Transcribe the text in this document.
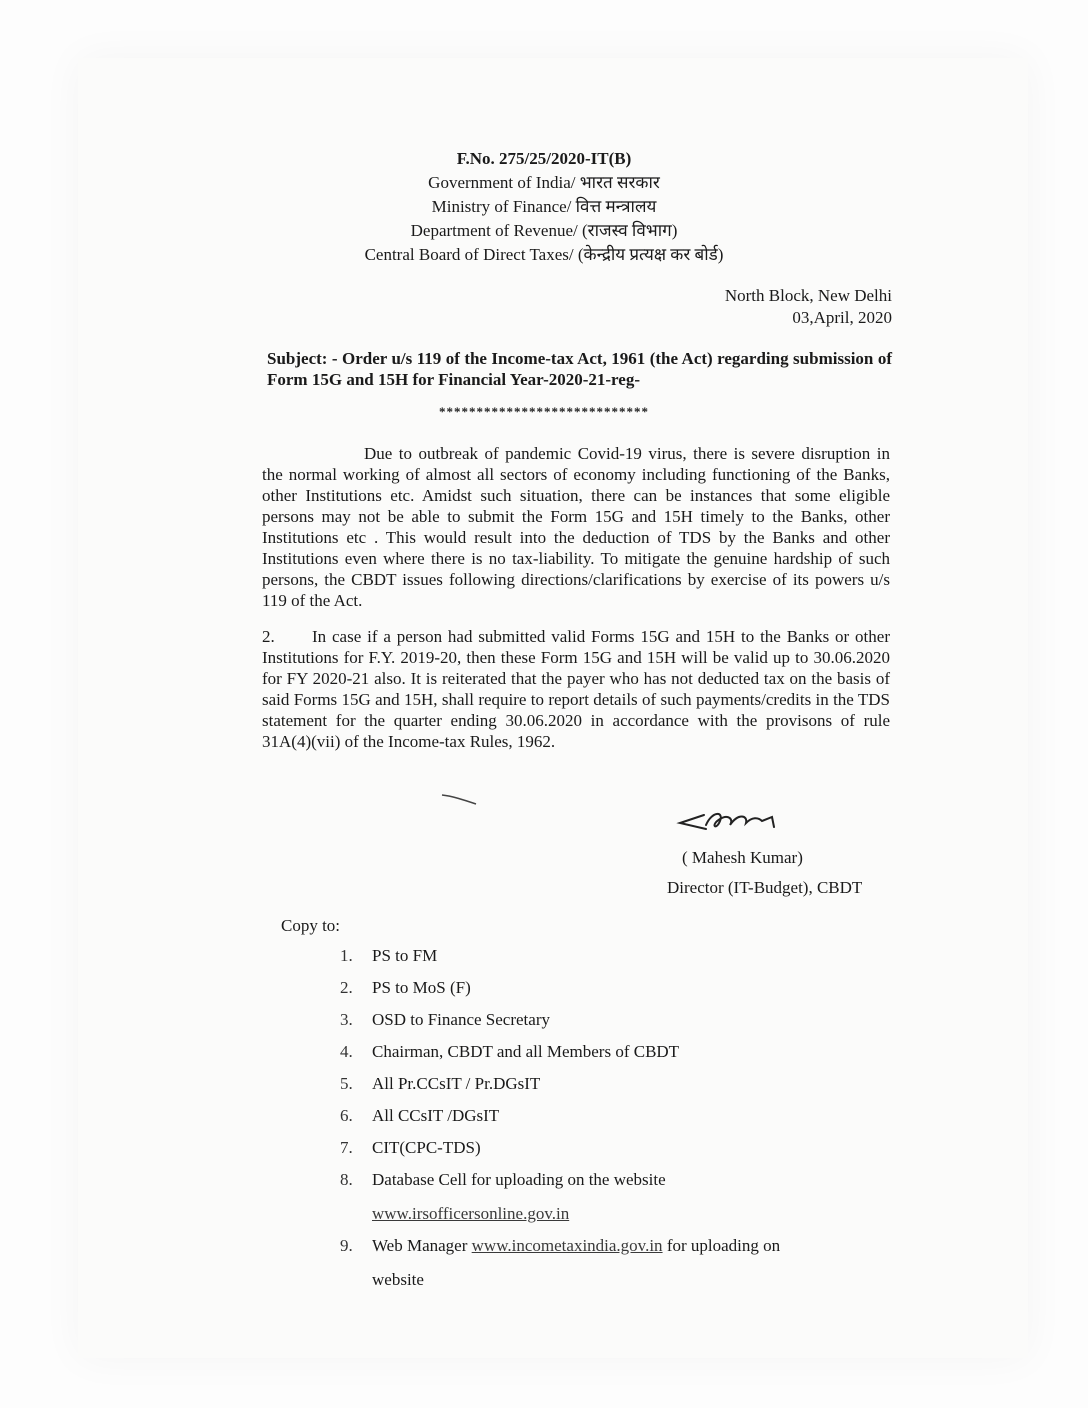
F.No. 275/25/2020-IT(B)
Government of India/ भारत सरकार
Ministry of Finance/ वित्त मन्त्रालय
Department of Revenue/ (राजस्व विभाग)
Central Board of Direct Taxes/ (केन्द्रीय प्रत्यक्ष कर बोर्ड)
North Block, New Delhi
03,April, 2020
Subject: - Order u/s 119 of the Income-tax Act, 1961 (the Act) regarding submission of Form 15G and 15H for Financial Year-2020-21-reg-
****************************
Due to outbreak of pandemic Covid-19 virus, there is severe disruption in the normal working of almost all sectors of economy including functioning of the Banks, other Institutions etc. Amidst such situation, there can be instances that some eligible persons may not be able to submit the Form 15G and 15H timely to the Banks, other Institutions etc . This would result into the deduction of TDS by the Banks and other Institutions even where there is no tax-liability. To mitigate the genuine hardship of such persons, the CBDT issues following directions/clarifications by exercise of its powers u/s 119 of the Act.
2. In case if a person had submitted valid Forms 15G and 15H to the Banks or other Institutions for F.Y. 2019-20, then these Form 15G and 15H will be valid up to 30.06.2020 for FY 2020-21 also. It is reiterated that the payer who has not deducted tax on the basis of said Forms 15G and 15H, shall require to report details of such payments/credits in the TDS statement for the quarter ending 30.06.2020 in accordance with the provisons of rule 31A(4)(vii) of the Income-tax Rules, 1962.
( Mahesh Kumar)
Director (IT-Budget), CBDT
Copy to:
1. PS to FM
2. PS to MoS (F)
3. OSD to Finance Secretary
4. Chairman, CBDT and all Members of CBDT
5. All Pr.CCsIT / Pr.DGsIT
6. All CCsIT /DGsIT
7. CIT(CPC-TDS)
8. Database Cell for uploading on the website
www.irsofficersonline.gov.in
9. Web Manager www.incometaxindia.gov.in for uploading on
website
